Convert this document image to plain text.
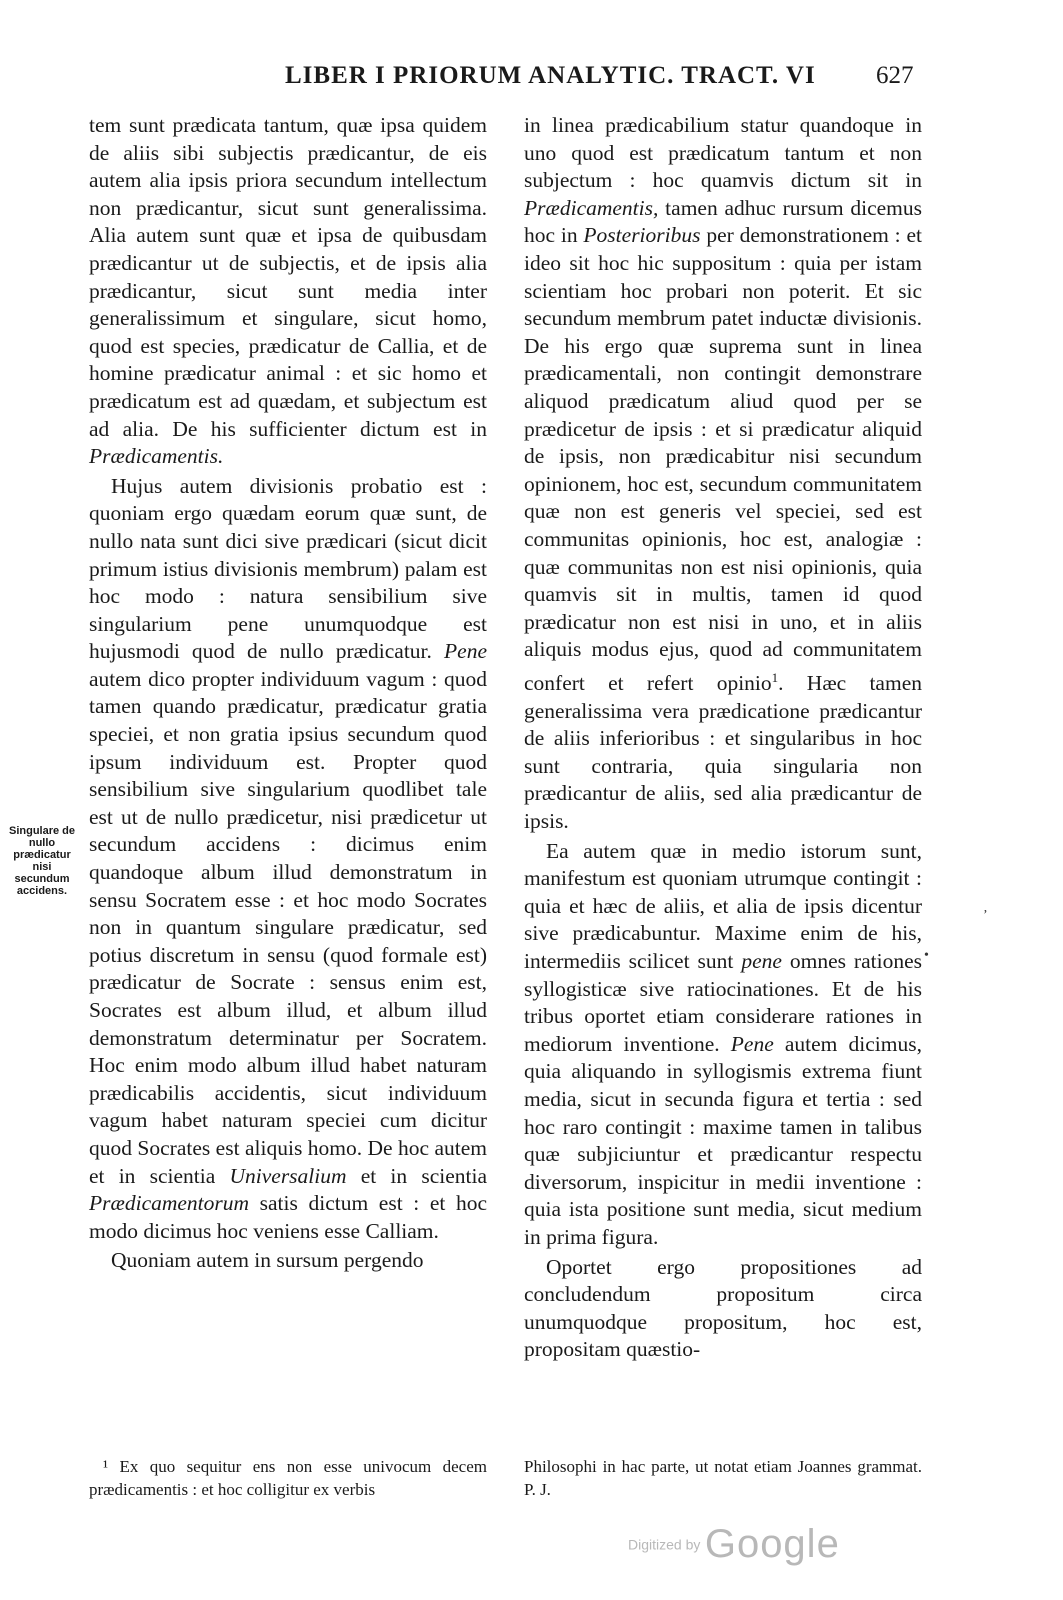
LIBER I PRIORUM ANALYTIC. TRACT. VI 627

tem sunt prædicata tantum, quæ ipsa quidem de aliis sibi subjectis prædicantur, de eis autem alia ipsis priora secundum intellectum non prædicantur, sicut sunt generalissima. Alia autem sunt quæ et ipsa de quibusdam prædicantur ut de subjectis, et de ipsis alia prædicantur, sicut sunt media inter generalissimum et singulare, sicut homo, quod est species, prædicatur de Callia, et de homine prædicatur animal : et sic homo et prædicatum est ad quædam, et subjectum est ad alia. De his sufficienter dictum est in Prædicamentis.

Hujus autem divisionis probatio est : quoniam ergo quædam eorum quæ sunt, de nullo nata sunt dici sive prædicari (sicut dicit primum istius divisionis membrum) palam est hoc modo : natura sensibilium sive singularium pene unumquodque est hujusmodi quod de nullo prædicatur. Pene autem dico propter individuum vagum : quod tamen quando prædicatur, prædicatur gratia speciei, et non gratia ipsius secundum quod ipsum individuum est. Propter quod sensibilium sive singularium quodlibet tale est ut de nullo prædicetur, nisi prædicetur ut secundum accidens : dicimus enim quandoque album illud demonstratum in sensu Socratem esse : et hoc modo Socrates non in quantum singulare prædicatur, sed potius discretum in sensu (quod formale est) prædicatur de Socrate : sensus enim est, Socrates est album illud, et album illud demonstratum determinatur per Socratem. Hoc enim modo album illud habet naturam prædicabilis accidentis, sicut individuum vagum habet naturam speciei cum dicitur quod Socrates est aliquis homo. De hoc autem et in scientia Universalium et in scientia Prædicamentorum satis dictum est : et hoc modo dicimus hoc veniens esse Calliam.

Quoniam autem in sursum pergendo

Singulare de nullo prædicatur nisi secundum accidens.

in linea prædicabilium statur quandoque in uno quod est prædicatum tantum et non subjectum : hoc quamvis dictum sit in Prædicamentis, tamen adhuc rursum dicemus hoc in Posterioribus per demonstrationem : et ideo sit hoc hic suppositum : quia per istam scientiam hoc probari non poterit. Et sic secundum membrum patet inductæ divisionis. De his ergo quæ suprema sunt in linea prædicamentali, non contingit demonstrare aliquod prædicatum aliud quod per se prædicetur de ipsis : et si prædicatur aliquid de ipsis, non prædicabitur nisi secundum opinionem, hoc est, secundum communitatem quæ non est generis vel speciei, sed est communitas opinionis, hoc est, analogiæ : quæ communitas non est nisi opinionis, quia quamvis sit in multis, tamen id quod prædicatur non est nisi in uno, et in aliis aliquis modus ejus, quod ad communitatem confert et refert opinio$^1$. Hæc tamen generalissima vera prædicatione prædicantur de aliis inferioribus : et singularibus in hoc sunt contraria, quia singularia non prædicantur de aliis, sed alia prædicantur de ipsis.

Ea autem quæ in medio istorum sunt, manifestum est quoniam utrumque contingit : quia et hæc de aliis, et alia de ipsis dicentur sive prædicabuntur. Maxime enim de his, intermediis scilicet sunt pene omnes rationes syllogisticæ sive ratiocinationes. Et de his tribus oportet etiam considerare rationes in mediorum inventione. Pene autem dicimus, quia aliquando in syllogismis extrema fiunt media, sicut in secunda figura et tertia : sed hoc raro contingit : maxime tamen in talibus quæ subjiciuntur et prædicantur respectu diversorum, inspicitur in medii inventione : quia ista positione sunt media, sicut medium in prima figura.

Oportet ergo propositiones ad concludendum propositum circa unumquodque propositum, hoc est, propositam quæstio-

’
•

¹ Ex quo sequitur ens non esse univocum decem prædicamentis : et hoc colligitur ex verbis

Philosophi in hac parte, ut notat etiam Joannes grammat. P. J.

Digitized by Google
